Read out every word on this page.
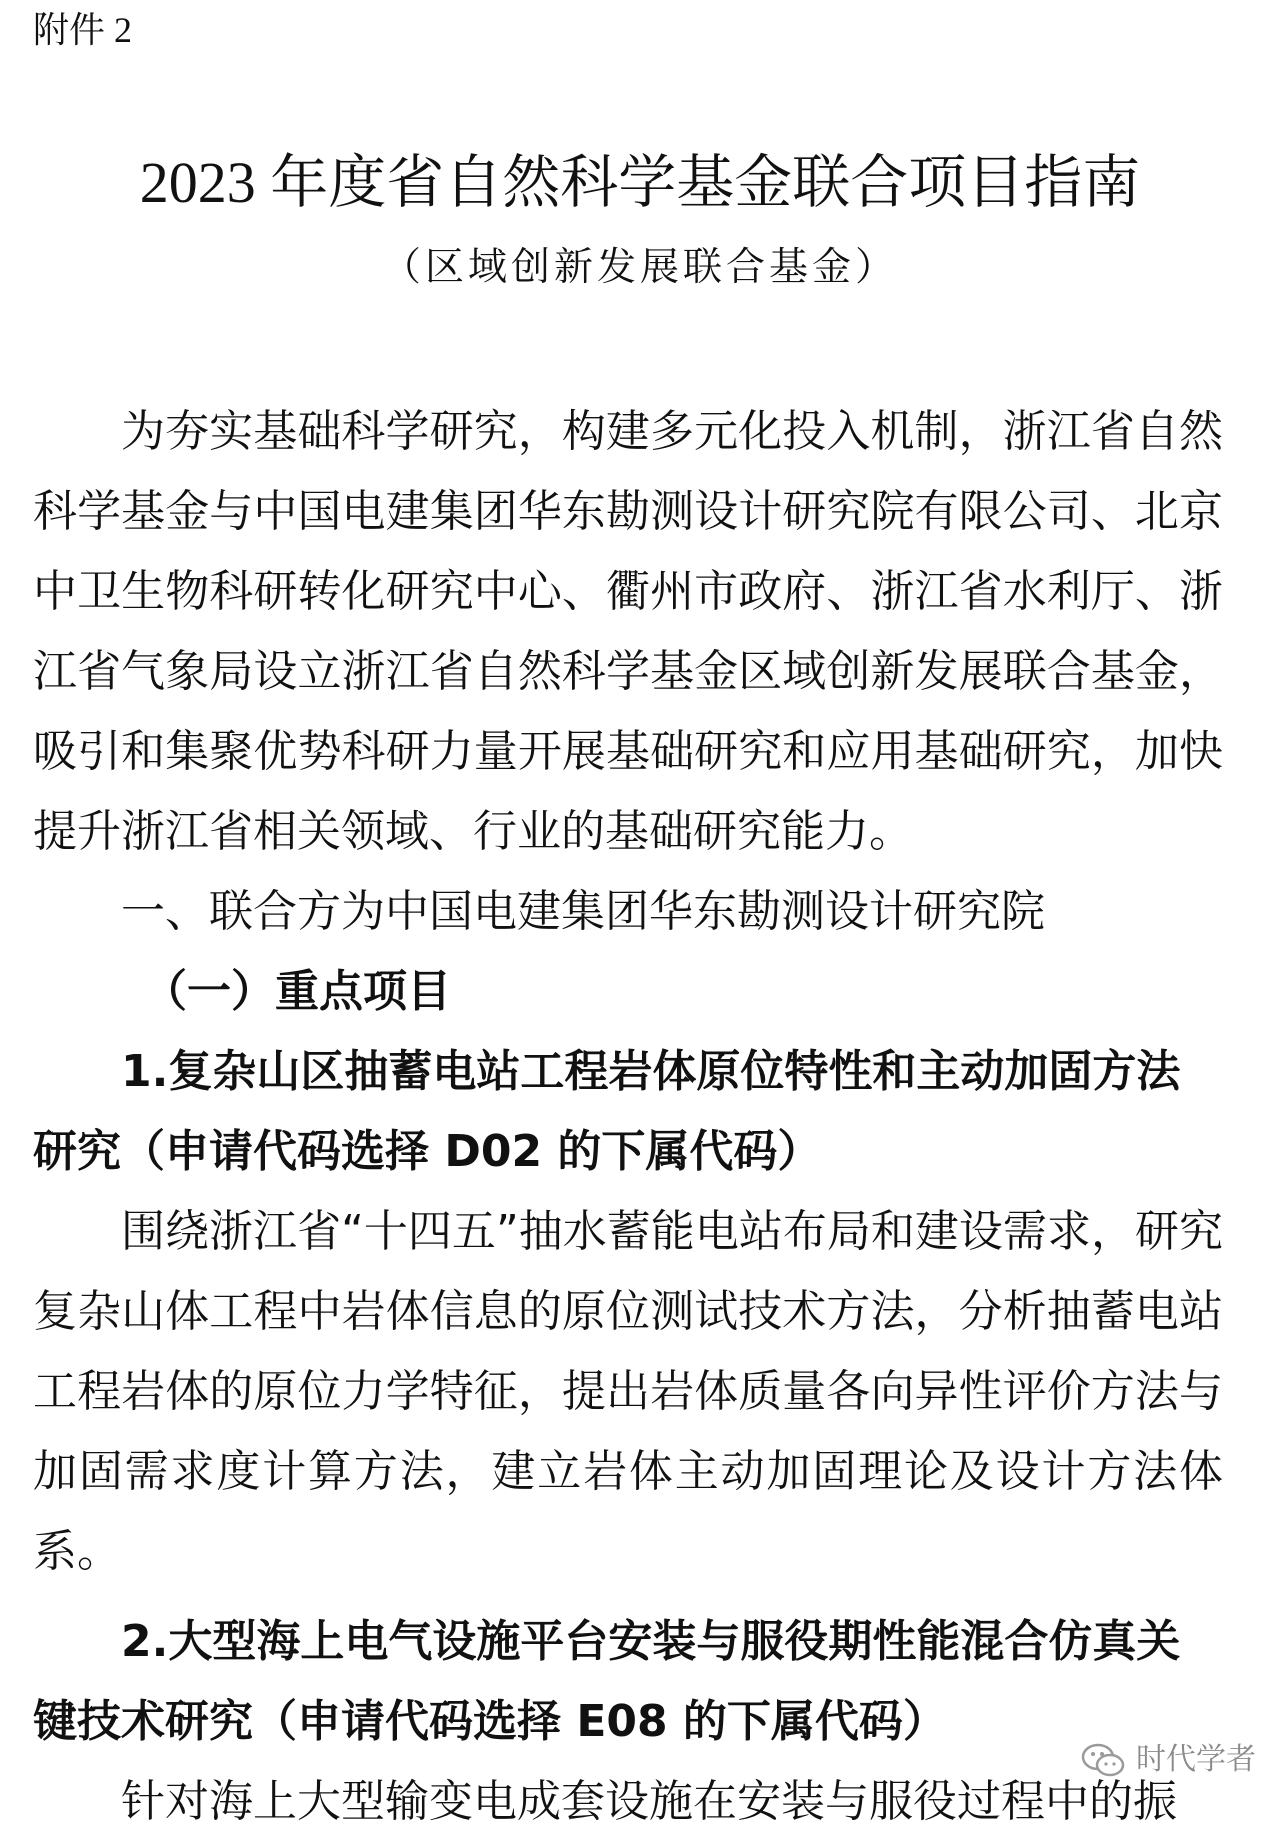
附件 2
2023 年度省自然科学基金联合项目指南
（区域创新发展联合基金）

为夯实基础科学研究，构建多元化投入机制，浙江省自然科学基金与中国电建集团华东勘测设计研究院有限公司、北京中卫生物科研转化研究中心、衢州市政府、浙江省水利厅、浙江省气象局设立浙江省自然科学基金区域创新发展联合基金，吸引和集聚优势科研力量开展基础研究和应用基础研究，加快提升浙江省相关领域、行业的基础研究能力。

一、联合方为中国电建集团华东勘测设计研究院

（一）重点项目

1.复杂山区抽蓄电站工程岩体原位特性和主动加固方法研究（申请代码选择 D02 的下属代码）

围绕浙江省“十四五”抽水蓄能电站布局和建设需求，研究复杂山体工程中岩体信息的原位测试技术方法，分析抽蓄电站工程岩体的原位力学特征，提出岩体质量各向异性评价方法与加固需求度计算方法，建立岩体主动加固理论及设计方法体系。

2.大型海上电气设施平台安装与服役期性能混合仿真关键技术研究（申请代码选择 E08 的下属代码）

针对海上大型输变电成套设施在安装与服役过程中的振

时代学者
